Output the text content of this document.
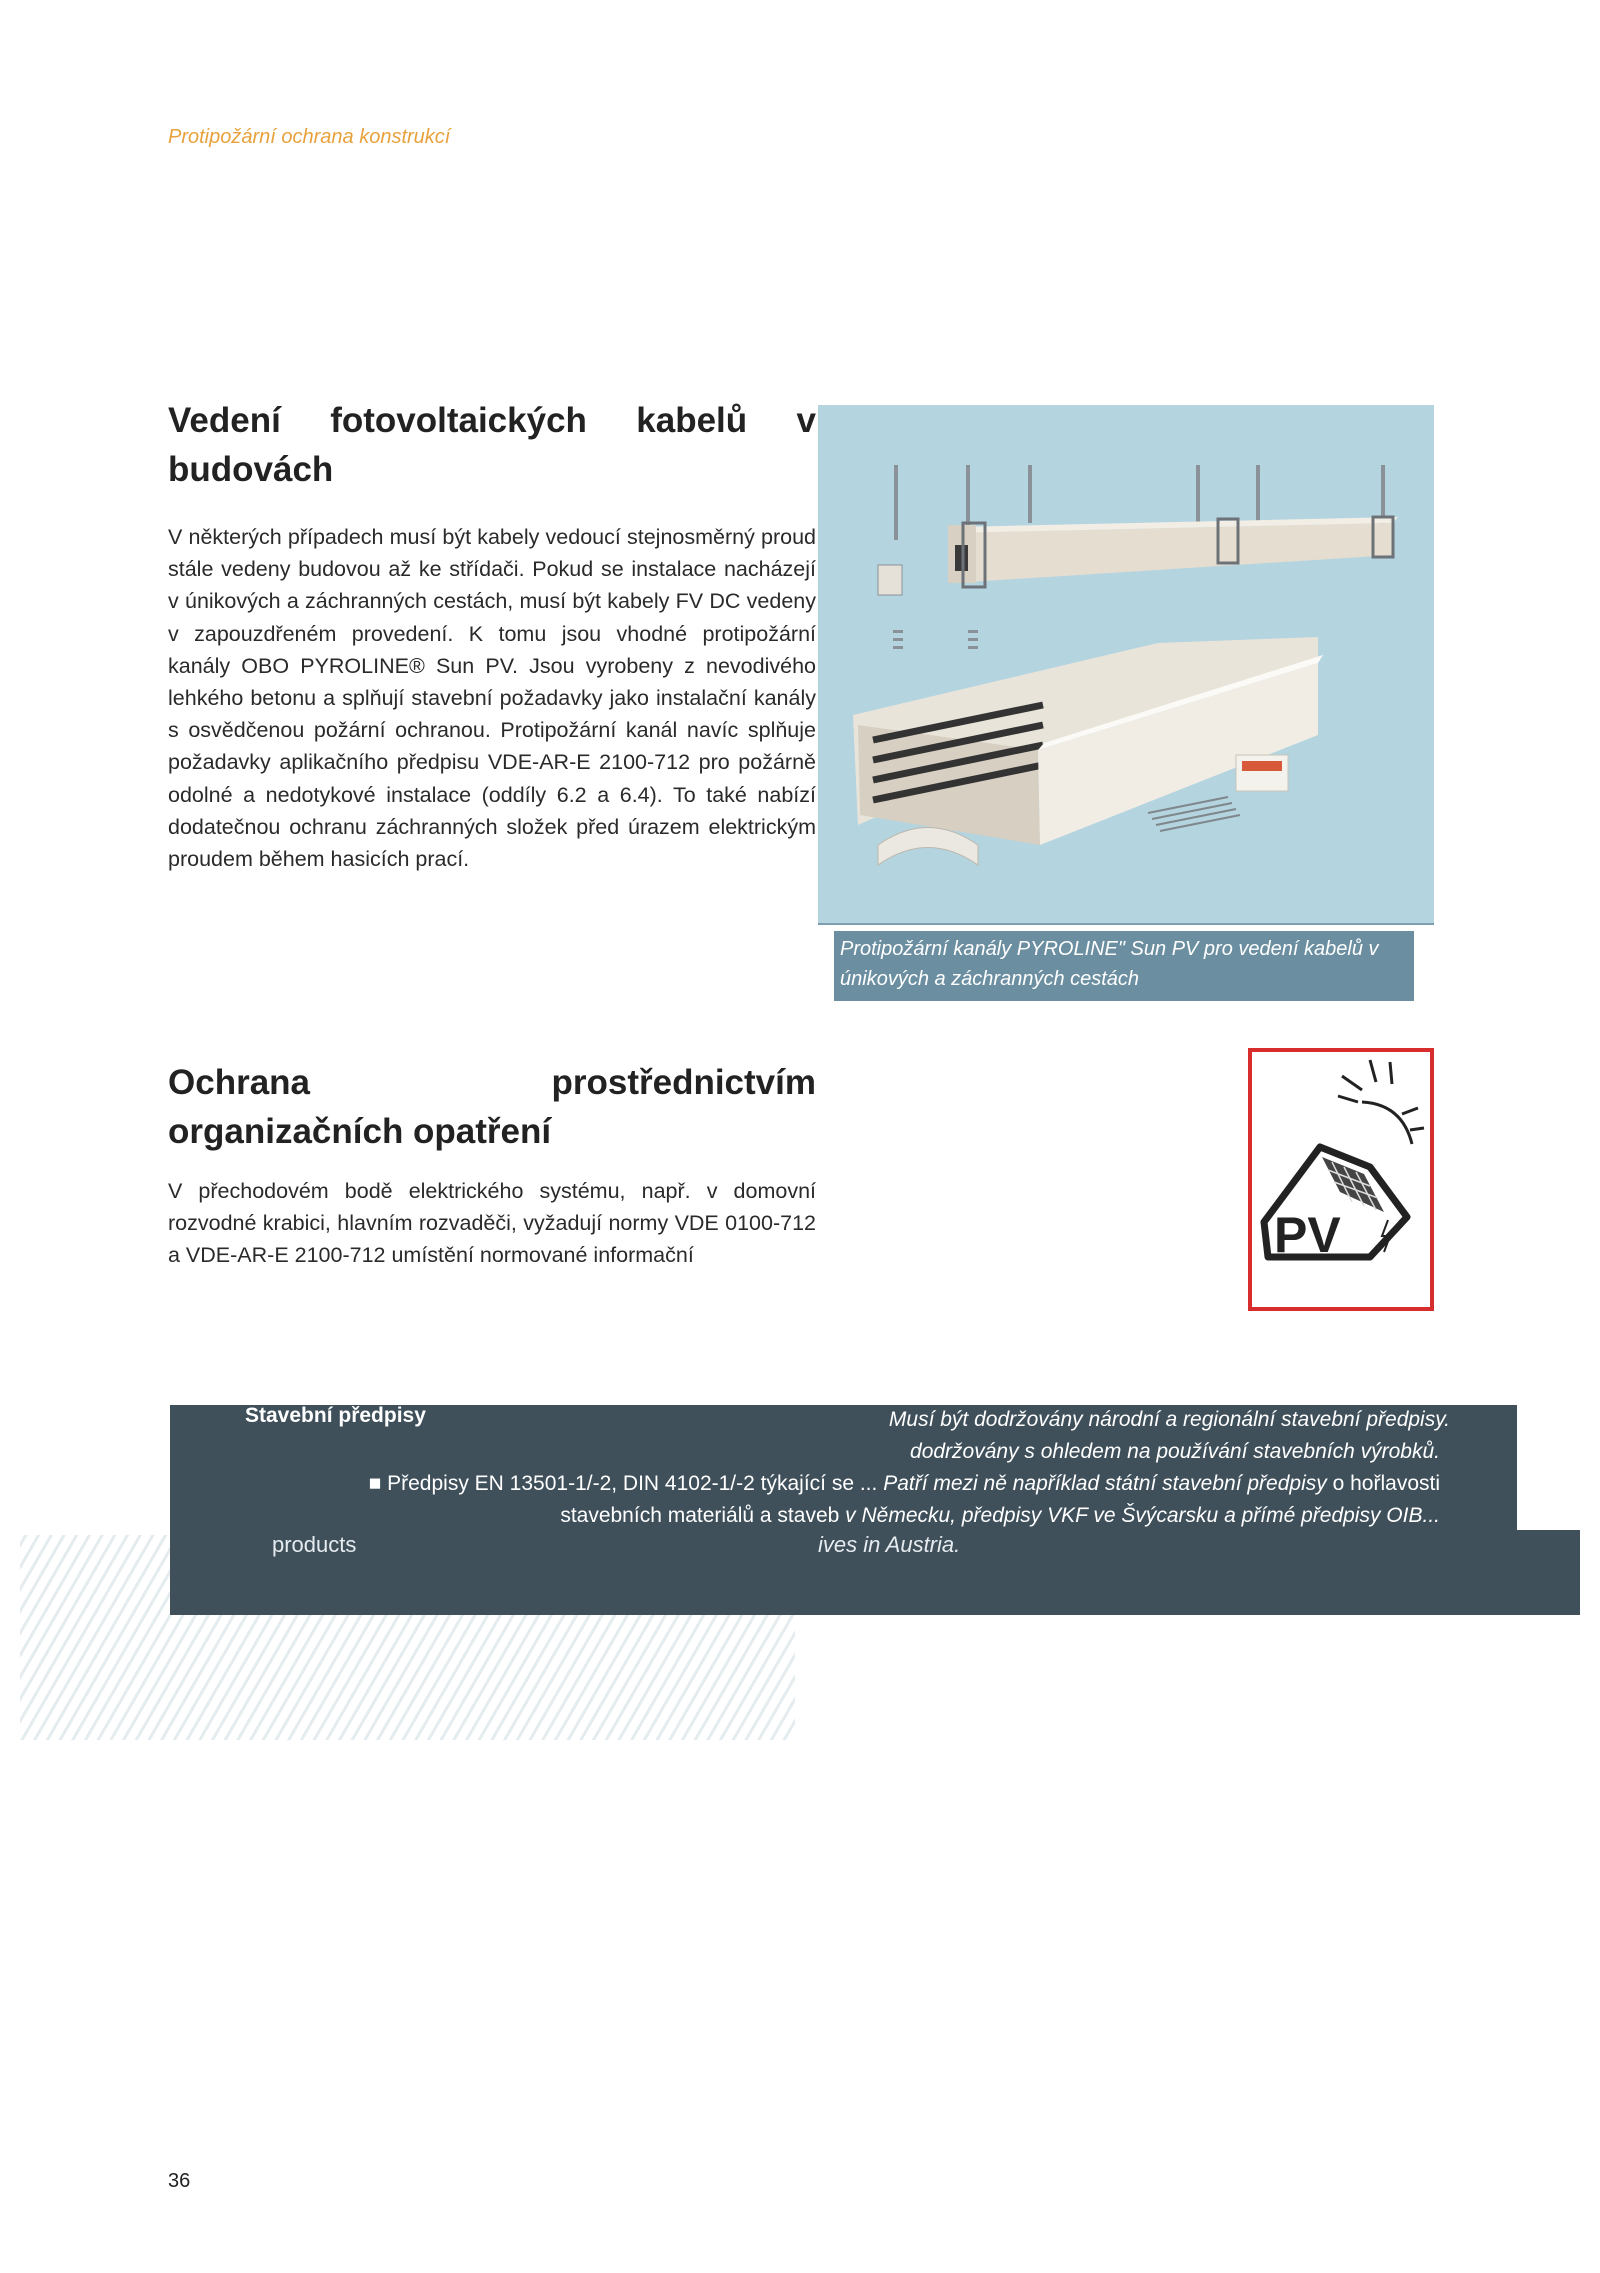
Protipožární ochrana konstrukcí
Vedení fotovoltaických kabelů v budovách

V některých případech musí být kabely vedoucí stejnosměrný proud stále vedeny budovou až ke střídači. Pokud se instalace nacházejí v únikových a záchranných cestách, musí být kabely FV DC vedeny v zapouzdřeném provedení. K tomu jsou vhodné protipožární kanály OBO PYROLINE® Sun PV. Jsou vyrobeny z nevodivého lehkého betonu a splňují stavební požadavky jako instalační kanály s osvědčenou požární ochranou. Protipožární kanál navíc splňuje požadavky aplikačního předpisu VDE-AR-E 2100-712 pro požárně odolné a nedotykové instalace (oddíly 6.2 a 6.4). To také nabízí dodatečnou ochranu záchranných složek před úrazem elektrickým proudem během hasicích prací.

Protipožární kanály PYROLINE" Sun PV pro vedení kabelů v únikových a záchranných cestách
Ochrana prostřednictvím organizačních opatření

V přechodovém bodě elektrického systému, např. v domovní rozvodné krabici, hlavním rozvaděči, vyžadují normy VDE 0100-712 a VDE-AR-E 2100-712 umístění normované informační	PV
Stavební předpisy	Musí být dodržovány národní a regionální stavební předpisy.
dodržovány s ohledem na používání stavebních výrobků.
■ Předpisy EN 13501-1/-2, DIN 4102-1/-2 týkající se ... Patří mezi ně například státní stavební předpisy o hořlavosti
stavebních materiálů a staveb v Německu, předpisy VKF ve Švýcarsku a přímé předpisy OIB...
products	ives in Austria.
36
